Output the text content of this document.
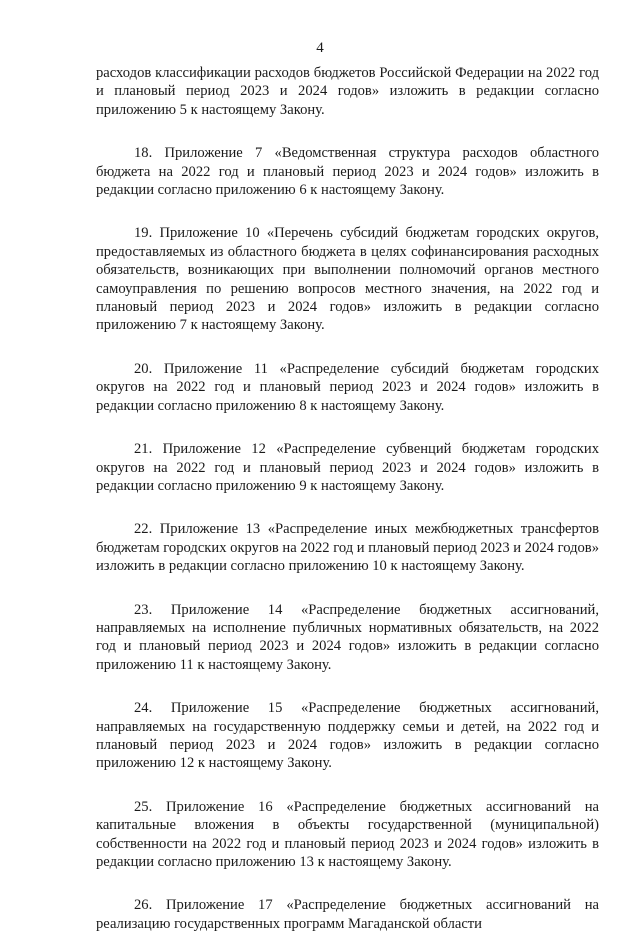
4

расходов классификации расходов бюджетов Российской Федерации на 2022 год и плановый период 2023 и 2024 годов» изложить в редакции согласно приложению 5 к настоящему Закону.

18. Приложение 7 «Ведомственная структура расходов областного бюджета на 2022 год и плановый период 2023 и 2024 годов» изложить в редакции согласно приложению 6 к настоящему Закону.

19. Приложение 10 «Перечень субсидий бюджетам городских округов, предоставляемых из областного бюджета в целях софинансирования расходных обязательств, возникающих при выполнении полномочий органов местного самоуправления по решению вопросов местного значения, на 2022 год и плановый период 2023 и 2024 годов» изложить в редакции согласно приложению 7 к настоящему Закону.

20. Приложение 11 «Распределение субсидий бюджетам городских округов на 2022 год и плановый период 2023 и 2024 годов» изложить в редакции согласно приложению 8 к настоящему Закону.

21. Приложение 12 «Распределение субвенций бюджетам городских округов на 2022 год и плановый период 2023 и 2024 годов» изложить в редакции согласно приложению 9 к настоящему Закону.

22. Приложение 13 «Распределение иных межбюджетных трансфертов бюджетам городских округов на 2022 год и плановый период 2023 и 2024 годов» изложить в редакции согласно приложению 10 к настоящему Закону.

23. Приложение 14 «Распределение бюджетных ассигнований, направляемых на исполнение публичных нормативных обязательств, на 2022 год и плановый период 2023 и 2024 годов» изложить в редакции согласно приложению 11 к настоящему Закону.

24. Приложение 15 «Распределение бюджетных ассигнований, направляемых на государственную поддержку семьи и детей, на 2022 год и плановый период 2023 и 2024 годов» изложить в редакции согласно приложению 12 к настоящему Закону.

25. Приложение 16 «Распределение бюджетных ассигнований на капитальные вложения в объекты государственной (муниципальной) собственности на 2022 год и плановый период 2023 и 2024 годов» изложить в редакции согласно приложению 13 к настоящему Закону.

26. Приложение 17 «Распределение бюджетных ассигнований на реализацию государственных программ Магаданской области
